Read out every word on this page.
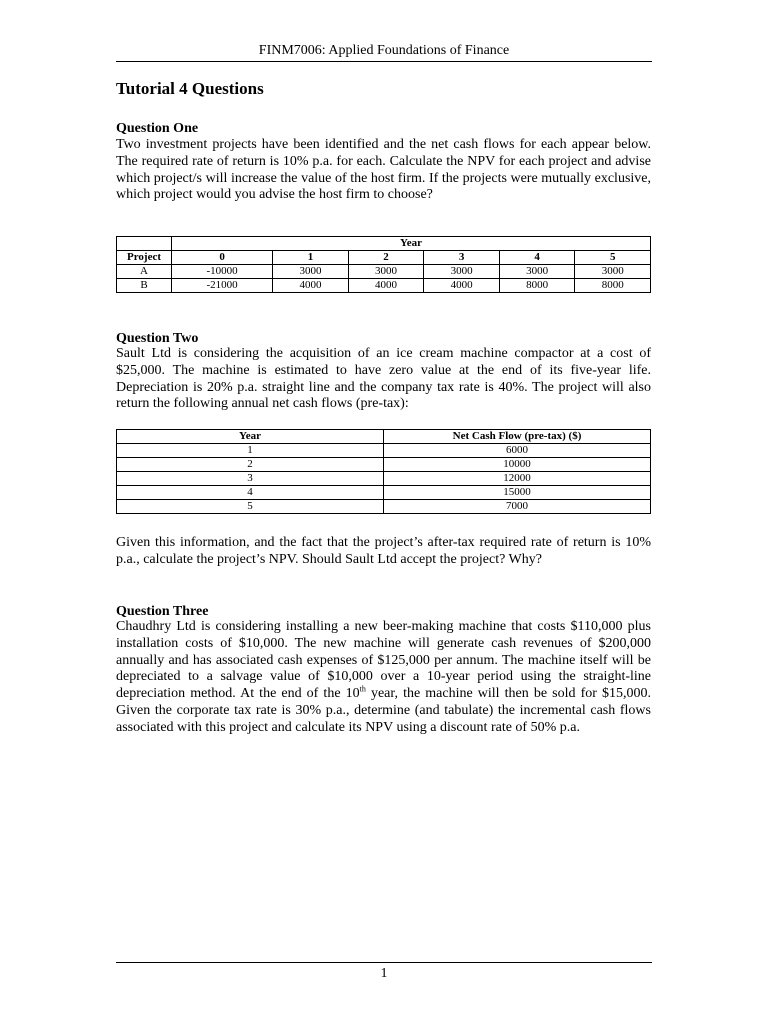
FINM7006: Applied Foundations of Finance
Tutorial 4 Questions
Question One
Two investment projects have been identified and the net cash flows for each appear below. The required rate of return is 10% p.a. for each. Calculate the NPV for each project and advise which project/s will increase the value of the host firm. If the projects were mutually exclusive, which project would you advise the host firm to choose?
	Year					
Project	0	1	2	3	4	5
A	-10000	3000	3000	3000	3000	3000
B	-21000	4000	4000	4000	8000	8000
Question Two
Sault Ltd is considering the acquisition of an ice cream machine compactor at a cost of $25,000. The machine is estimated to have zero value at the end of its five-year life. Depreciation is 20% p.a. straight line and the company tax rate is 40%. The project will also return the following annual net cash flows (pre-tax):
Year	Net Cash Flow (pre-tax) ($)
1	6000
2	10000
3	12000
4	15000
5	7000
Given this information, and the fact that the project’s after-tax required rate of return is 10% p.a., calculate the project’s NPV. Should Sault Ltd accept the project? Why?
Question Three
Chaudhry Ltd is considering installing a new beer-making machine that costs $110,000 plus installation costs of $10,000. The new machine will generate cash revenues of $200,000 annually and has associated cash expenses of $125,000 per annum. The machine itself will be depreciated to a salvage value of $10,000 over a 10-year period using the straight-line depreciation method. At the end of the 10th year, the machine will then be sold for $15,000. Given the corporate tax rate is 30% p.a., determine (and tabulate) the incremental cash flows associated with this project and calculate its NPV using a discount rate of 50% p.a.
1
